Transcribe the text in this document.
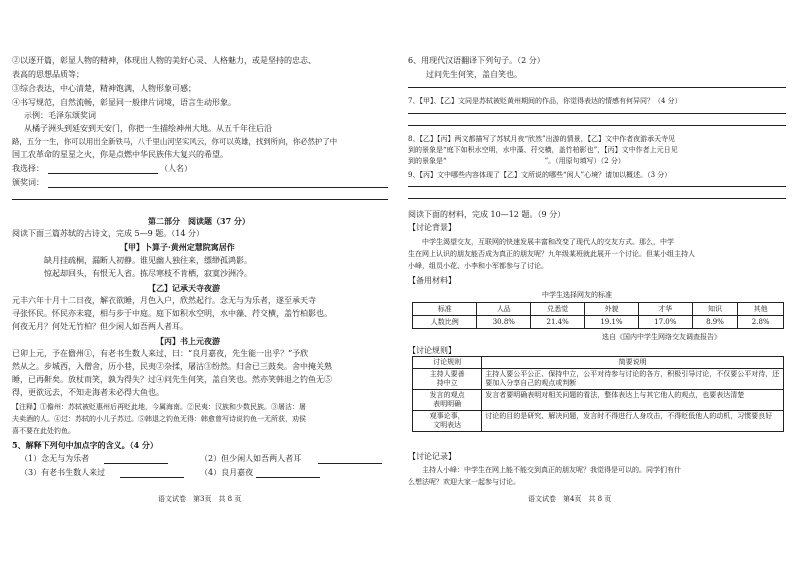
②以逐开篇，彰显人物的精神，体现出人物的美好心灵、人格魅力，或是坚持的忠志、
表高的思想品质等；
③综合表达，中心清楚，精神饱满，人物形象可感；
④书写规范，自然流畅，彰显同一般律片词境，语言生动形象。
示例：毛泽东颂奖词
从橘子洲头到延安到天安门，你把一生描绘神州大地。从五千年往后沿
路，五分一生，你可以用出全新铁马，八千里山河坚实风云，你可以英雄，找到所向，你必然护了中
国工农革命的星星之火，你是点燃中华民族伟大复兴的希望。
我选择：	（人名）
颁奖词：
第二部分　阅读题（37 分）
阅读下面三篇苏轼的古诗文，完成 5—9 题。（14 分）
【甲】卜算子·黄州定慧院寓居作
缺月挂疏桐，漏断人初静。谁见幽人独往来，缥缈孤鸿影。
惊起却回头，有恨无人省。拣尽寒枝不肯栖，寂寞沙洲冷。
【乙】记承天寺夜游
元丰六年十月十二日夜，解衣欲睡，月色入户，欣然起行。念无与为乐者，遂至承天寺
寻张怀民。怀民亦未寝，相与步于中庭。庭下如积水空明，水中藻、荇交横，盖竹柏影也。
何夜无月？何处无竹柏？但少闲人如吾两人者耳。
【丙】书上元夜游
已卯上元，予在儋州①，有老书生数人来过，曰：“良月嘉夜，先生能一出乎？”予欣
然从之。步城西，入僧舍，历小巷，民夷②杂揉，屠沽③纷然。归舍已三鼓矣。舍中掩关熟
睡，已再鼾矣。放杖而笑，孰为得失？过④问先生何笑，盖自笑也。然亦笑韩退之钓鱼无⑤
得，更欲远去，不知走海者未必得大鱼也。
【注释】①儋州：苏轼被贬惠州后再贬此地，今属海南。②民夷：汉族和少数民族。③屠沽：屠
夫卖酒的人。④过：苏轼的小儿子苏过。⑤韩退之钓鱼无得：韩愈曾写诗说钓鱼一无所获，劝侯
喜不要在此处钓鱼。
5、解释下列句中加点字的含义。（4 分）
（1）念无与为乐者	（2）但少闲人如吾两人者耳
（3）有老书生数人来过	（4）良月嘉夜
语文试卷　第3页　共 8 页
6、用现代汉语翻译下列句子。（2 分）
过问先生何笑，盖自笑也。
7、【甲】、【乙】文同是苏轼被贬黄州期间的作品，你觉得表达的情感有何异同？（4 分）
8、【乙】【丙】两文都描写了苏轼月夜“欣然”出游的情景，【乙】文中作者夜游承天寺见
到的景象是“庭下如积水空明，水中藻、荇交横，盖竹柏影也”，【丙】文中作者上元日见
到的景象是“　　　　　　　　　　　　　　”。（用原句填写）（2 分）
9、【丙】文中哪些内容体现了【乙】文所说的哪些“闲人”心境？请加以概述。（3 分）
阅读下面的材料，完成 10—12 题。（9 分）
【讨论背景】
中学生渴望交友，互联网的快速发展丰富和改变了现代人的交友方式。那么，中学
生在网上认识的朋友能否成为真正的朋友呢？九年级某班就此展开一个讨论。但某小组主持人
小峰，组员小花、小李和小军都参与了讨论。
【备用材料】
中学生选择网友的标准
标准	人品	兑悉觉	外貌	才华	知识	其他
人数比例	30.8%	21.4%	19.1%	17.0%	8.9%	2.8%
选自《国内中学生网络交友调查报告》
【讨论规则】
讨论规则	简要说明
主持人要善
持中立	主持人要公平公正、保持中立，公平对待参与讨论的各方，积极引导讨论，不仅要公平对待，还要加入分享自己的观点或判断
发言的观点
表明明确	发言者要明确表明对相关问题的看法，整体表达上与其它他人的观点，也要表达清楚
观事论事，
文明表达	讨论的目的是研究、解决问题，发言时不得进行人身攻击，不得贬低他人的动机，习惯要良好
【讨论记录】
主持人小峰：中学生在网上能不能交到真正的朋友呢？我觉得是可以的。同学们有什
么想法呢？欢迎大家一起参与讨论。
语文试卷　第4页　共 8 页
